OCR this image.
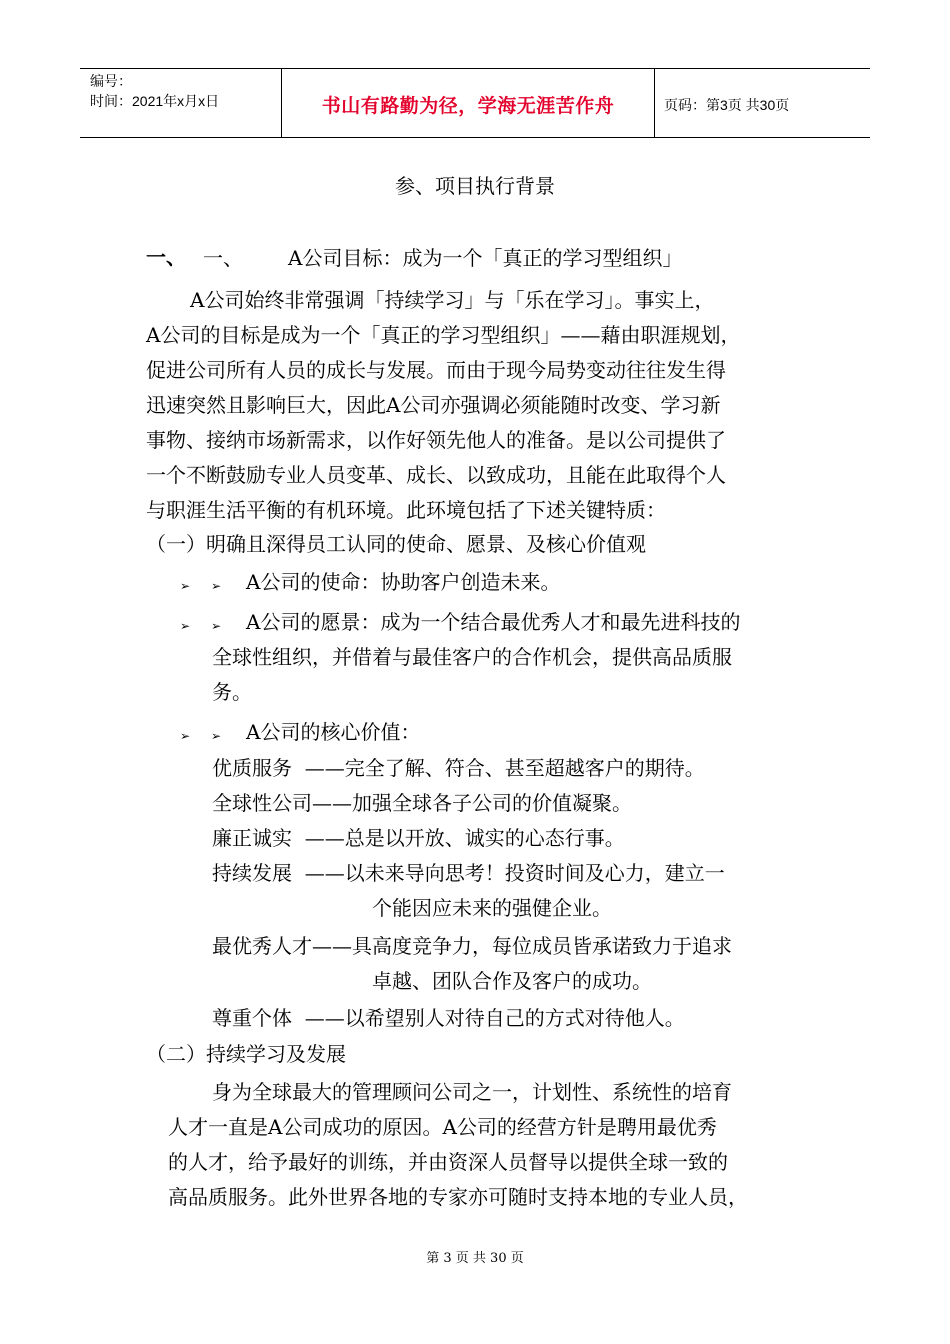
编号：
时间：2021年x月x日	书山有路勤为径，学海无涯苦作舟	页码：第3页 共30页
参、项目执行背景
一、 一、 A公司目标：成为一个「真正的学习型组织」
A公司始终非常强调「持续学习」与「乐在学习」。事实上，
A公司的目标是成为一个「真正的学习型组织」——藉由职涯规划，
促进公司所有人员的成长与发展。而由于现今局势变动往往发生得
迅速突然且影响巨大，因此A公司亦强调必须能随时改变、学习新
事物、接纳市场新需求，以作好领先他人的准备。是以公司提供了
一个不断鼓励专业人员变革、成长、以致成功，且能在此取得个人
与职涯生活平衡的有机环境。此环境包括了下述关键特质：
（一）明确且深得员工认同的使命、愿景、及核心价值观
➢ ➢ A公司的使命：协助客户创造未来。
➢ ➢ A公司的愿景：成为一个结合最优秀人才和最先进科技的
全球性组织，并借着与最佳客户的合作机会，提供高品质服
务。
➢ ➢ A公司的核心价值：
优质服务  ——完全了解、符合、甚至超越客户的期待。
全球性公司——加强全球各子公司的价值凝聚。
廉正诚实  ——总是以开放、诚实的心态行事。
持续发展  ——以未来导向思考！投资时间及心力，建立一
个能因应未来的强健企业。
最优秀人才——具高度竞争力，每位成员皆承诺致力于追求
卓越、团队合作及客户的成功。
尊重个体  ——以希望别人对待自己的方式对待他人。
（二）持续学习及发展
身为全球最大的管理顾问公司之一，计划性、系统性的培育
人才一直是A公司成功的原因。A公司的经营方针是聘用最优秀
的人才，给予最好的训练，并由资深人员督导以提供全球一致的
高品质服务。此外世界各地的专家亦可随时支持本地的专业人员，
第 3 页 共 30 页
